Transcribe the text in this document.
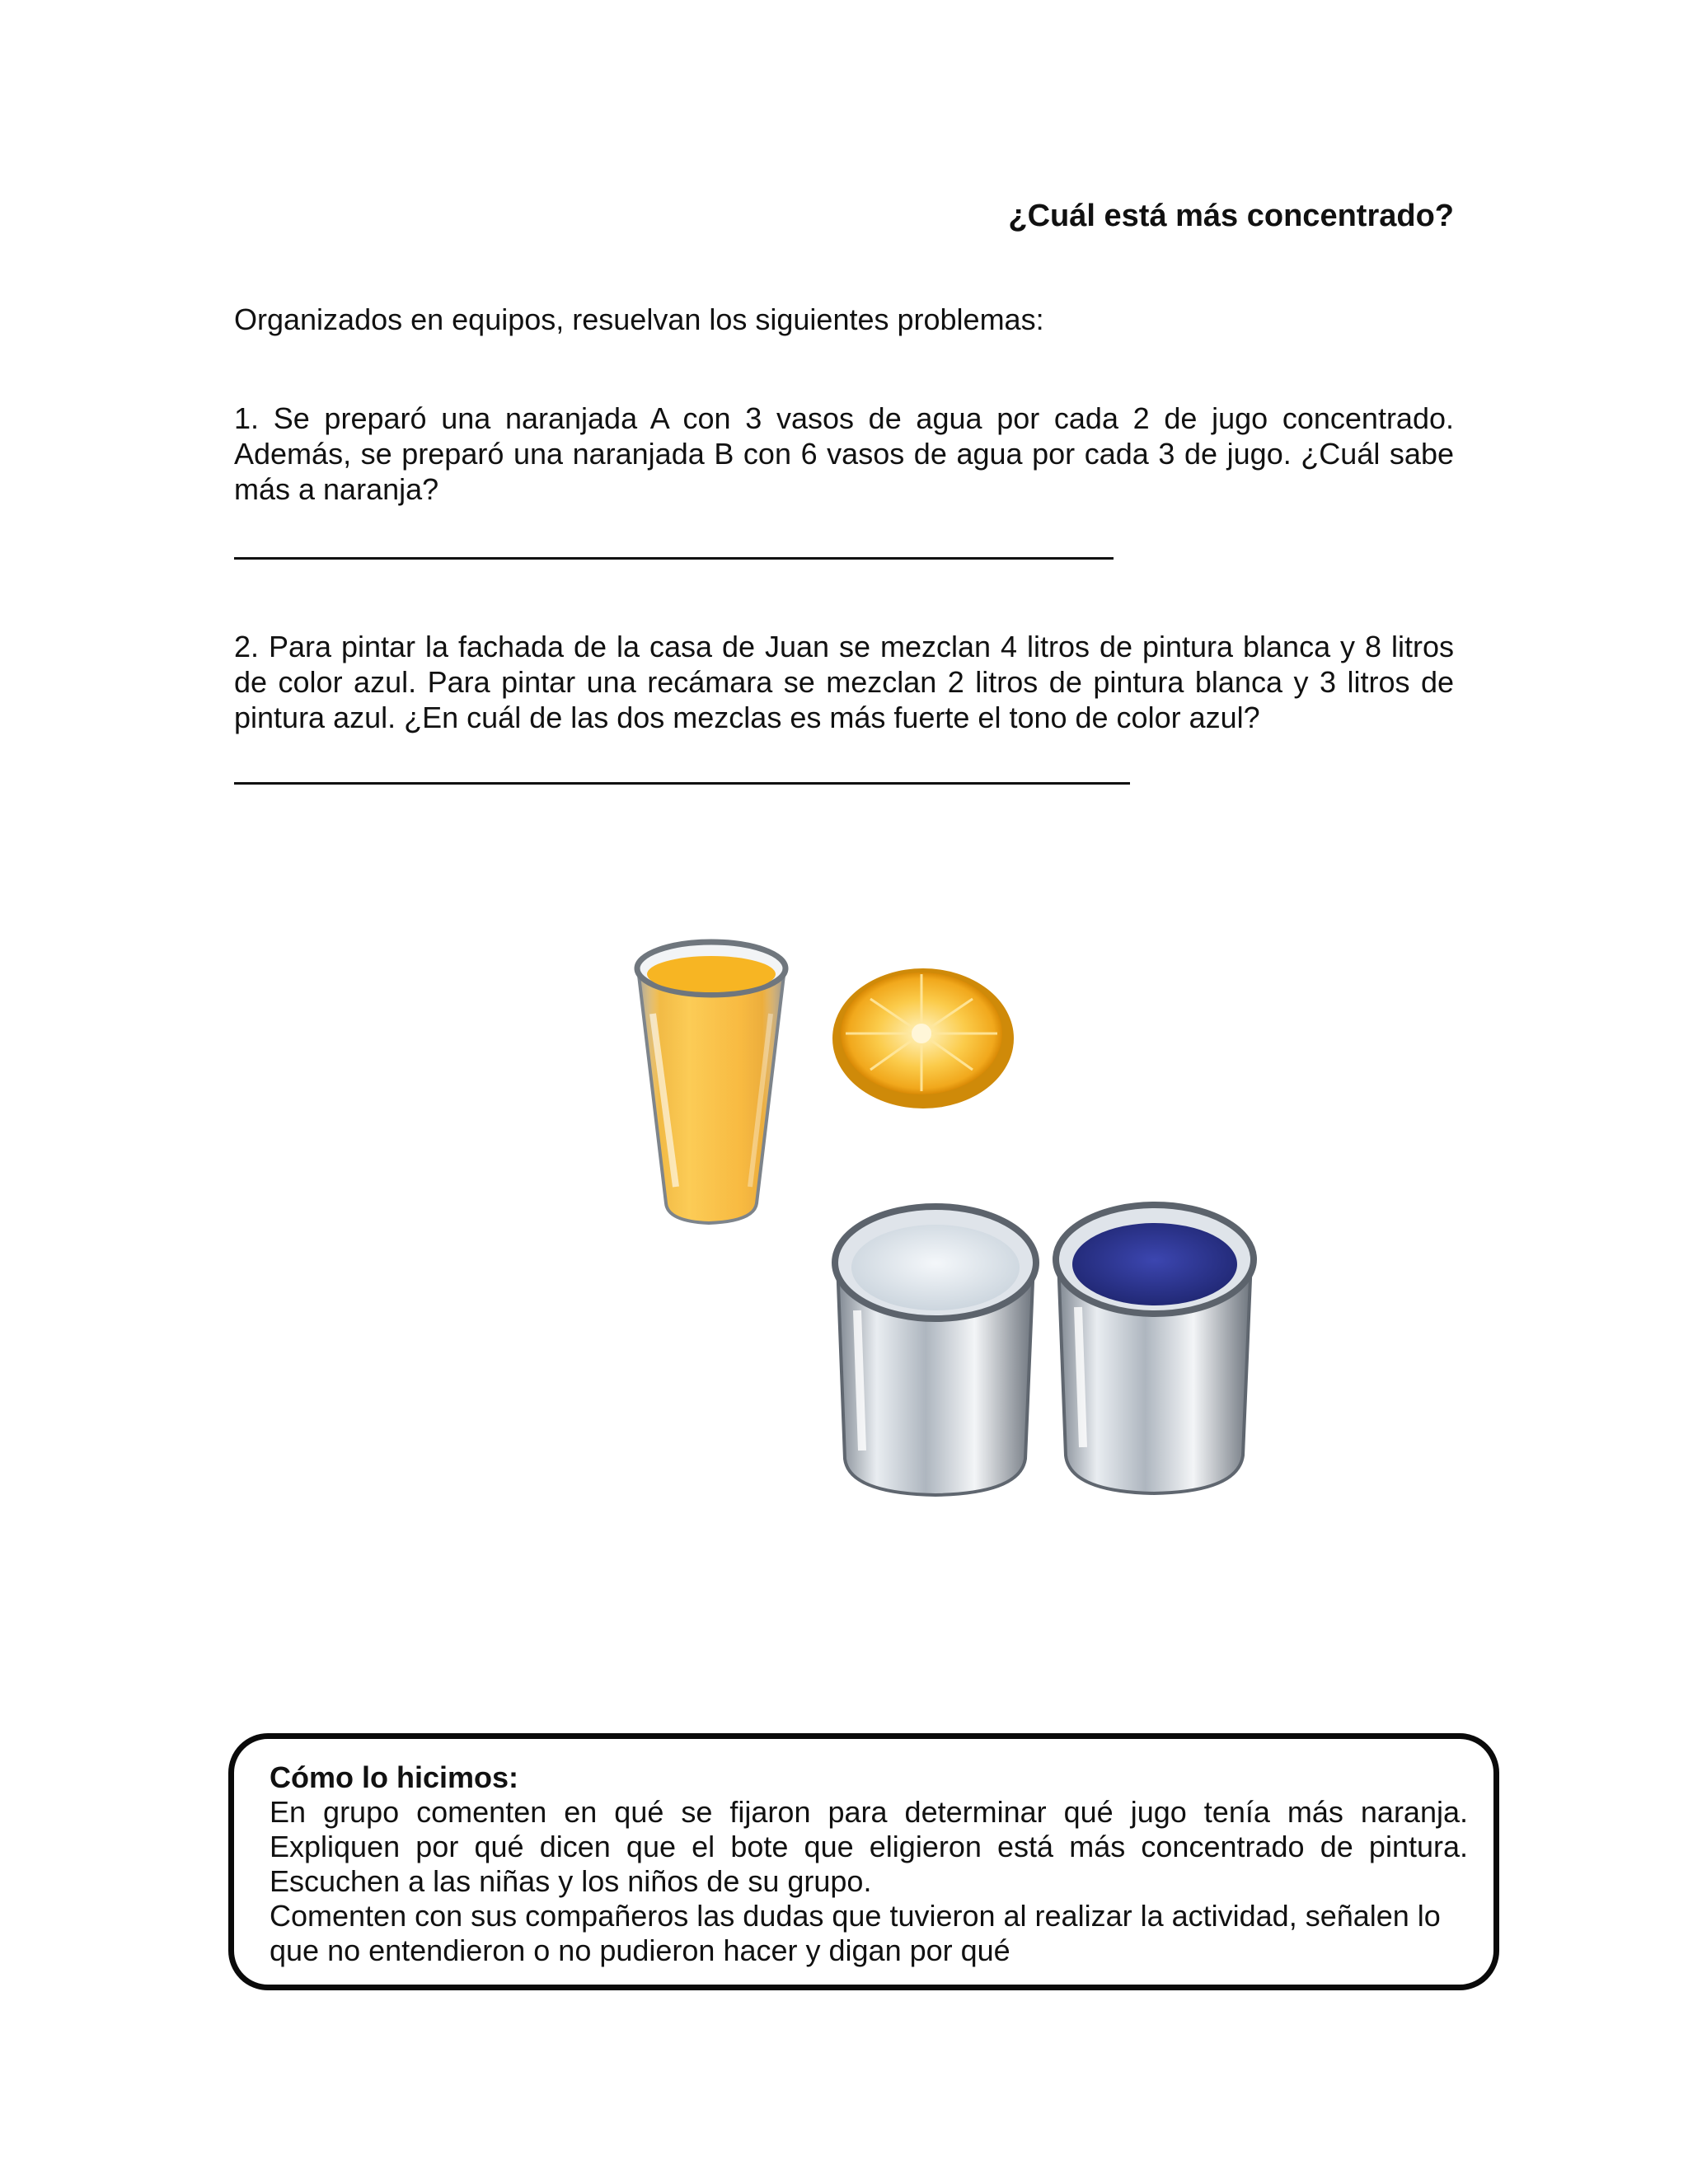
¿Cuál está más concentrado?
Organizados en equipos, resuelvan los siguientes problemas:
1. Se preparó una naranjada A con 3 vasos de agua por cada 2 de jugo concentrado. Además, se preparó una naranjada B con 6 vasos de agua por cada 3 de jugo. ¿Cuál sabe más a naranja?
2. Para pintar la fachada de la casa de Juan se mezclan 4 litros de pintura blanca y 8 litros de color azul. Para pintar una recámara se mezclan 2 litros de pintura blanca y 3 litros de pintura azul. ¿En cuál de las dos mezclas es más fuerte el tono de color azul?
Cómo lo hicimos:
En grupo comenten en qué se fijaron para determinar qué jugo tenía más naranja. Expliquen por qué dicen que el bote que eligieron está más concentrado de pintura. Escuchen a las niñas y los niños de su grupo.
Comenten con sus compañeros las dudas que tuvieron al realizar la actividad, señalen lo que no entendieron o no pudieron hacer y digan por qué
